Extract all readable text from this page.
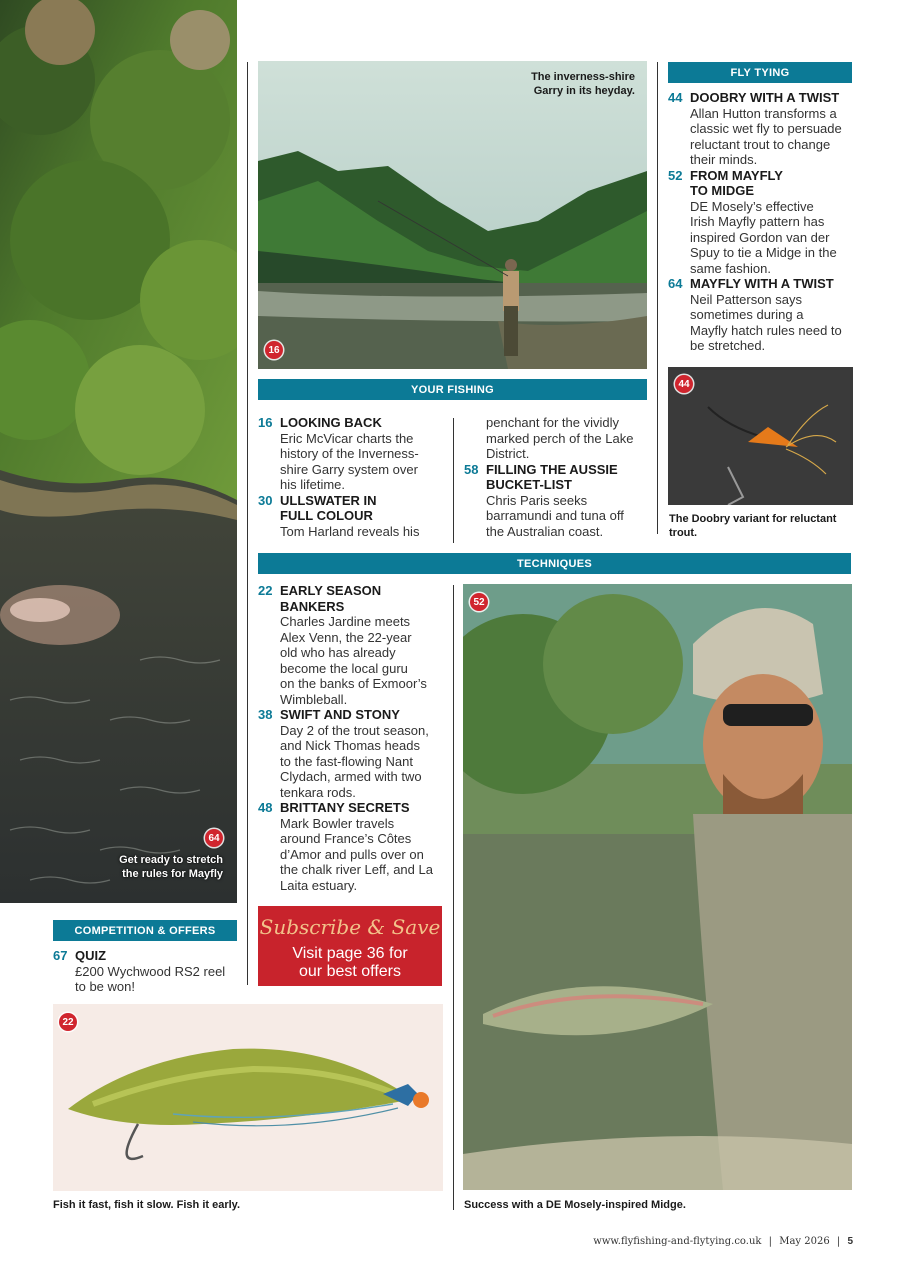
64
Get ready to stretch
the rules for Mayfly
16
The inverness-shire
Garry in its heyday.
FLY TYING
44 DOOBRY WITH A TWIST
Allan Hutton transforms a
classic wet fly to persuade
reluctant trout to change
their minds.
52 FROM MAYFLY
TO MIDGE
DE Mosely’s effective
Irish Mayfly pattern has
inspired Gordon van der
Spuy to tie a Midge in the
same fashion.
64 MAYFLY WITH A TWIST
Neil Patterson says
sometimes during a
Mayfly hatch rules need to
be stretched.
44
The Doobry variant for reluctant
trout.
YOUR FISHING
16 LOOKING BACK
Eric McVicar charts the
history of the Inverness-
shire Garry system over
his lifetime.
30 ULLSWATER IN
FULL COLOUR
Tom Harland reveals his
penchant for the vividly
marked perch of the Lake
District.
58 FILLING THE AUSSIE
BUCKET-LIST
Chris Paris seeks
barramundi and tuna off
the Australian coast.
TECHNIQUES
22 EARLY SEASON
BANKERS
Charles Jardine meets
Alex Venn, the 22-year
old who has already
become the local guru
on the banks of Exmoor’s
Wimbleball.
38 SWIFT AND STONY
Day 2 of the trout season,
and Nick Thomas heads
to the fast-flowing Nant
Clydach, armed with two
tenkara rods.
48 BRITTANY SECRETS
Mark Bowler travels
around France’s Côtes
d’Amor and pulls over on
the chalk river Leff, and La
Laita estuary.
Subscribe & Save
Visit page 36 for
our best offers
52
Success with a DE Mosely-inspired Midge.
COMPETITION & OFFERS
67 QUIZ
£200 Wychwood RS2 reel
to be won!
22
Fish it fast, fish it slow. Fish it early.
www.flyfishing-and-flytying.co.uk | May 2026 | 5
